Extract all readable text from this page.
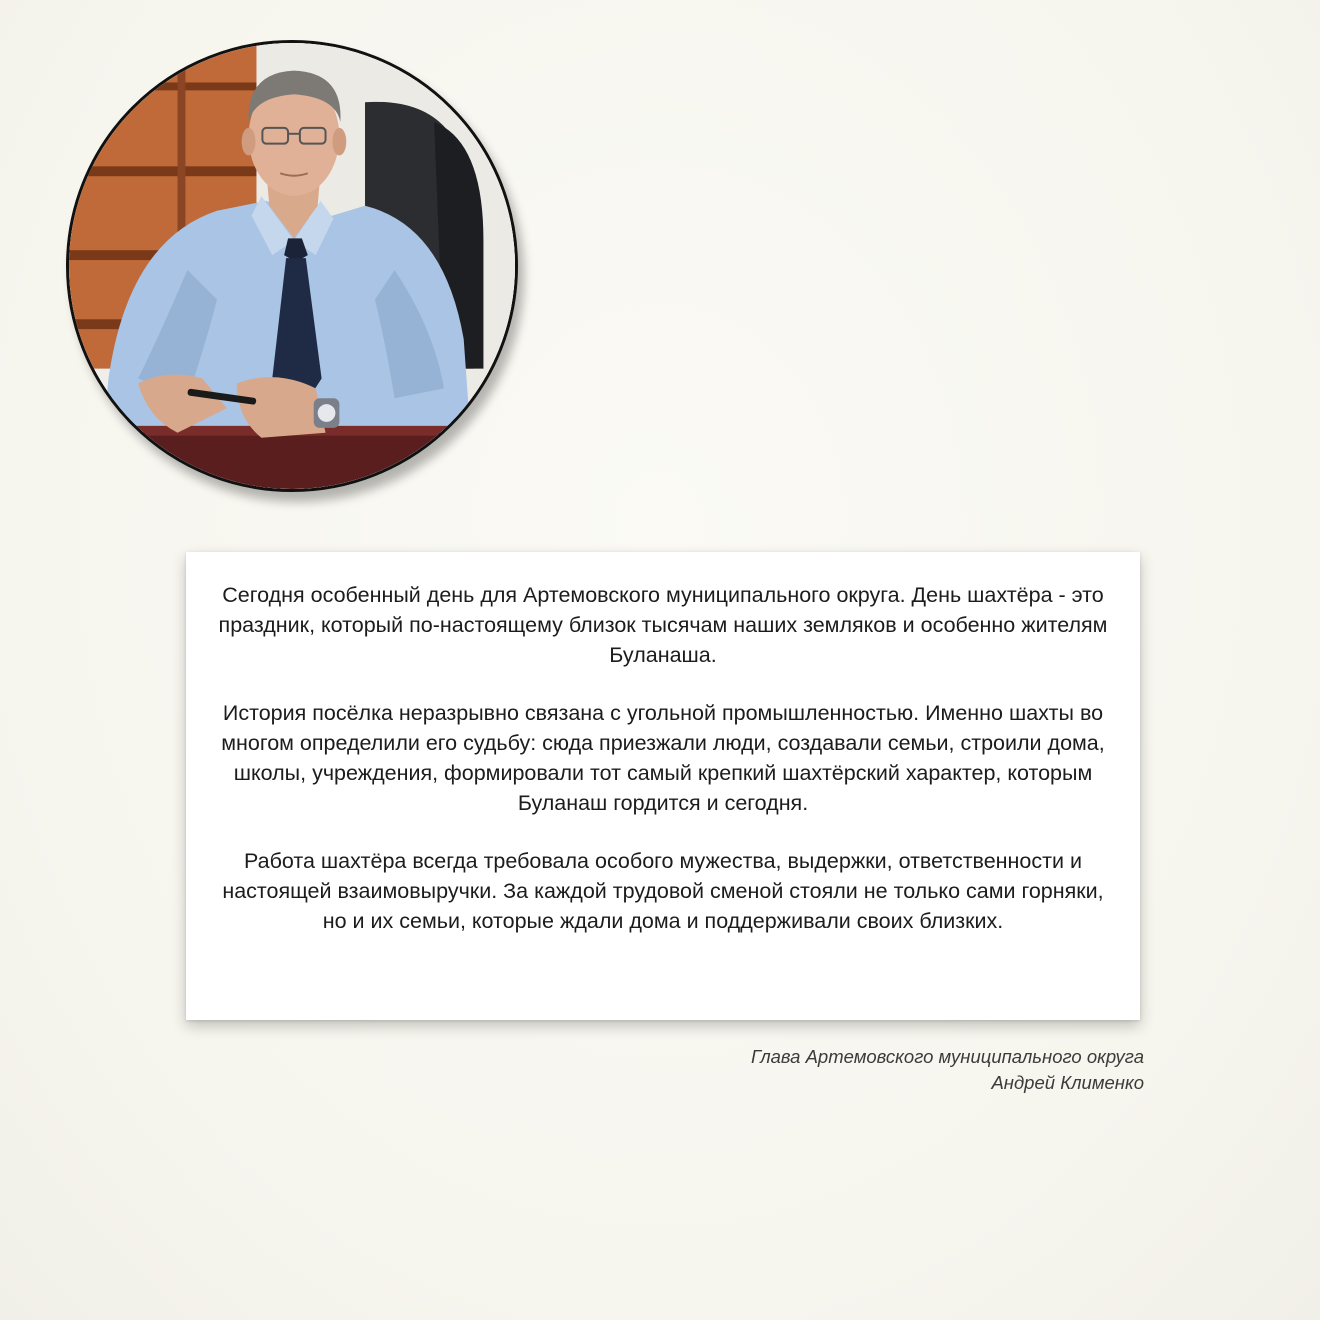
Сегодня особенный день для Артемовского муниципального округа. День шахтёра - это праздник, который по-настоящему близок тысячам наших земляков и особенно жителям Буланаша.

История посёлка неразрывно связана с угольной промышленностью. Именно шахты во многом определили его судьбу: сюда приезжали люди, создавали семьи, строили дома, школы, учреждения, формировали тот самый крепкий шахтёрский характер, которым Буланаш гордится и сегодня.

Работа шахтёра всегда требовала особого мужества, выдержки, ответственности и настоящей взаимовыручки. За каждой трудовой сменой стояли не только сами горняки, но и их семьи, которые ждали дома и поддерживали своих близких.

Глава Артемовского муниципального округа
Андрей Клименко
